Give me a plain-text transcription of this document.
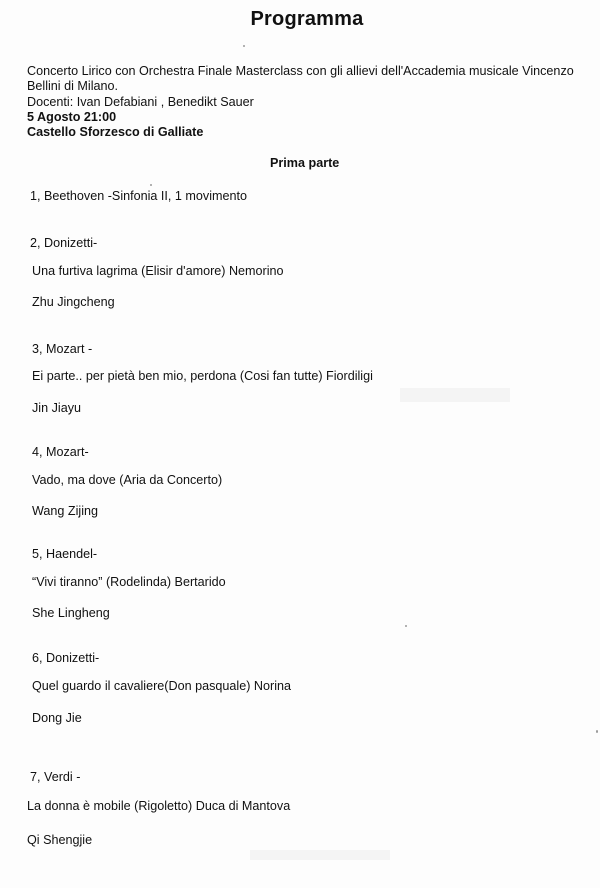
Programma
Concerto Lirico con Orchestra Finale Masterclass con gli allievi dell'Accademia musicale Vincenzo Bellini di Milano.
Docenti: Ivan Defabiani , Benedikt Sauer
5 Agosto 21:00
Castello Sforzesco di Galliate
Prima parte
1, Beethoven -Sinfonia II, 1 movimento
2, Donizetti-
Una furtiva lagrima (Elisir d'amore) Nemorino
Zhu Jingcheng
3, Mozart -
Ei parte.. per pietà ben mio, perdona (Cosi fan tutte) Fiordiligi
Jin Jiayu
4, Mozart-
Vado, ma dove (Aria da Concerto)
Wang Zijing
5, Haendel-
“Vivi tiranno” (Rodelinda) Bertarido
She Lingheng
6, Donizetti-
Quel guardo il cavaliere(Don pasquale) Norina
Dong Jie
7, Verdi -
La donna è mobile (Rigoletto) Duca di Mantova
Qi Shengjie
